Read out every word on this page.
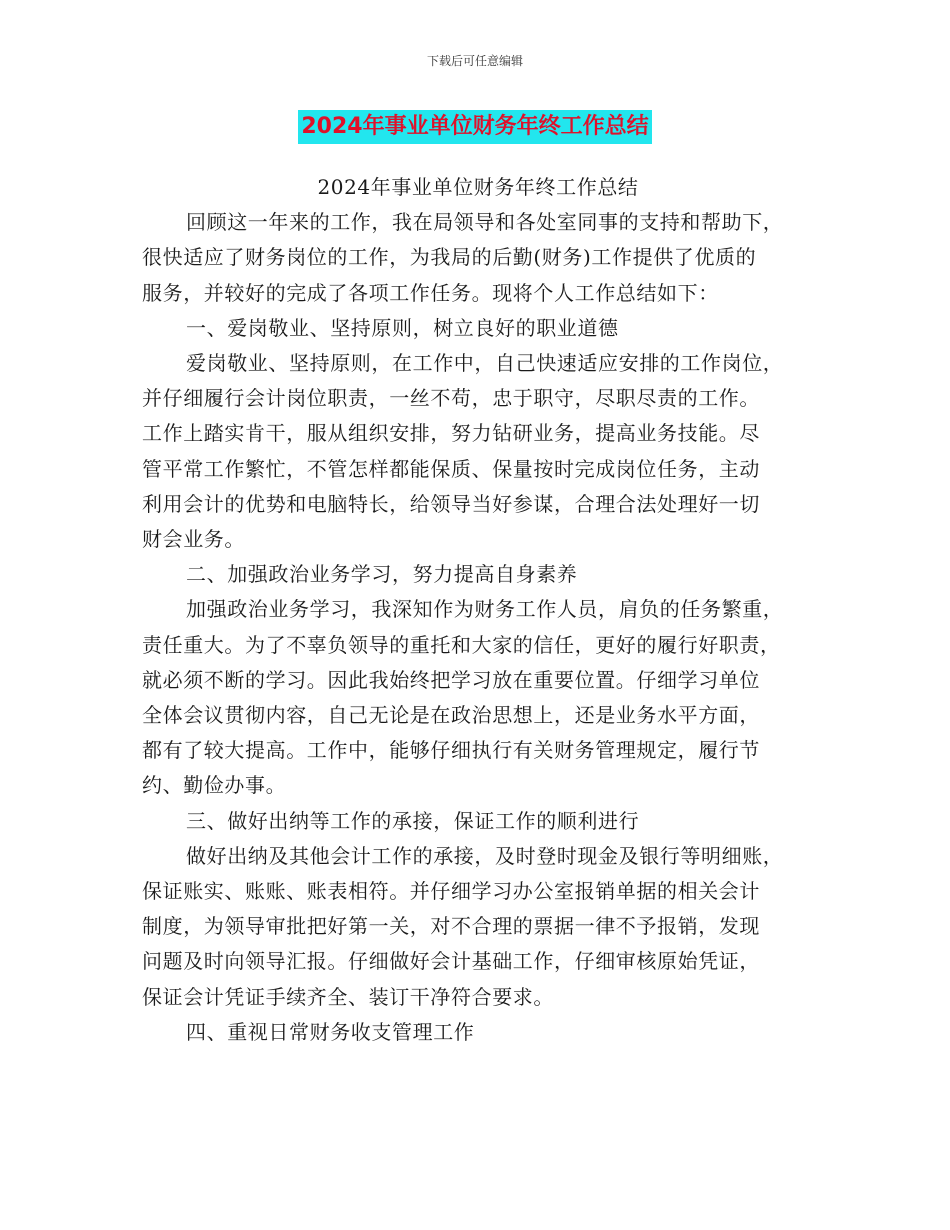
下载后可任意编辑
2024年事业单位财务年终工作总结

2024年事业单位财务年终工作总结

回顾这一年来的工作，我在局领导和各处室同事的支持和帮助下，
很快适应了财务岗位的工作，为我局的后勤(财务)工作提供了优质的
服务，并较好的完成了各项工作任务。现将个人工作总结如下：

一、爱岗敬业、坚持原则，树立良好的职业道德

爱岗敬业、坚持原则，在工作中，自己快速适应安排的工作岗位，
并仔细履行会计岗位职责，一丝不苟，忠于职守，尽职尽责的工作。
工作上踏实肯干，服从组织安排，努力钻研业务，提高业务技能。尽
管平常工作繁忙，不管怎样都能保质、保量按时完成岗位任务，主动
利用会计的优势和电脑特长，给领导当好参谋，合理合法处理好一切
财会业务。

二、加强政治业务学习，努力提高自身素养

加强政治业务学习，我深知作为财务工作人员，肩负的任务繁重，
责任重大。为了不辜负领导的重托和大家的信任，更好的履行好职责，
就必须不断的学习。因此我始终把学习放在重要位置。仔细学习单位
全体会议贯彻内容，自己无论是在政治思想上，还是业务水平方面，
都有了较大提高。工作中，能够仔细执行有关财务管理规定，履行节
约、勤俭办事。

三、做好出纳等工作的承接，保证工作的顺利进行

做好出纳及其他会计工作的承接，及时登时现金及银行等明细账，
保证账实、账账、账表相符。并仔细学习办公室报销单据的相关会计
制度，为领导审批把好第一关，对不合理的票据一律不予报销，发现
问题及时向领导汇报。仔细做好会计基础工作，仔细审核原始凭证，
保证会计凭证手续齐全、装订干净符合要求。

四、重视日常财务收支管理工作
